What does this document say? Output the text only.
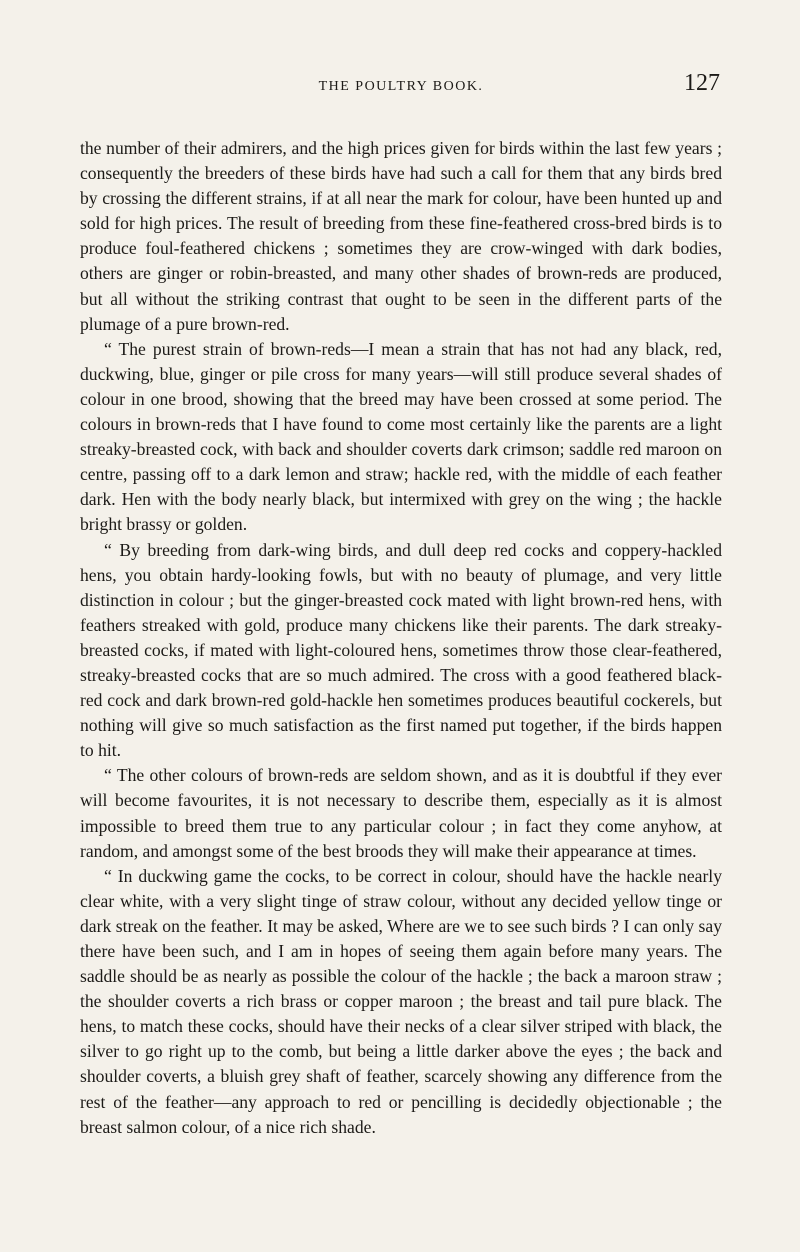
THE POULTRY BOOK.	127

the number of their admirers, and the high prices given for birds within the last few years ; consequently the breeders of these birds have had such a call for them that any birds bred by crossing the different strains, if at all near the mark for colour, have been hunted up and sold for high prices. The result of breeding from these fine-feathered cross-bred birds is to produce foul-feathered chickens ; sometimes they are crow-winged with dark bodies, others are ginger or robin-breasted, and many other shades of brown-reds are produced, but all without the striking contrast that ought to be seen in the different parts of the plumage of a pure brown-red.

“ The purest strain of brown-reds—I mean a strain that has not had any black, red, duckwing, blue, ginger or pile cross for many years—will still produce several shades of colour in one brood, showing that the breed may have been crossed at some period. The colours in brown-reds that I have found to come most certainly like the parents are a light streaky-breasted cock, with back and shoulder coverts dark crimson; saddle red maroon on centre, passing off to a dark lemon and straw; hackle red, with the middle of each feather dark. Hen with the body nearly black, but intermixed with grey on the wing ; the hackle bright brassy or golden.

“ By breeding from dark-wing birds, and dull deep red cocks and coppery-hackled hens, you obtain hardy-looking fowls, but with no beauty of plumage, and very little distinction in colour ; but the ginger-breasted cock mated with light brown-red hens, with feathers streaked with gold, produce many chickens like their parents. The dark streaky-breasted cocks, if mated with light-coloured hens, sometimes throw those clear-feathered, streaky-breasted cocks that are so much admired. The cross with a good feathered black-red cock and dark brown-red gold-hackle hen sometimes produces beautiful cockerels, but nothing will give so much satisfaction as the first named put together, if the birds happen to hit.

“ The other colours of brown-reds are seldom shown, and as it is doubtful if they ever will become favourites, it is not necessary to describe them, especially as it is almost impossible to breed them true to any particular colour ; in fact they come anyhow, at random, and amongst some of the best broods they will make their appearance at times.

“ In duckwing game the cocks, to be correct in colour, should have the hackle nearly clear white, with a very slight tinge of straw colour, without any decided yellow tinge or dark streak on the feather. It may be asked, Where are we to see such birds ? I can only say there have been such, and I am in hopes of seeing them again before many years. The saddle should be as nearly as possible the colour of the hackle ; the back a maroon straw ; the shoulder coverts a rich brass or copper maroon ; the breast and tail pure black. The hens, to match these cocks, should have their necks of a clear silver striped with black, the silver to go right up to the comb, but being a little darker above the eyes ; the back and shoulder coverts, a bluish grey shaft of feather, scarcely showing any difference from the rest of the feather—any approach to red or pencilling is decidedly objectionable ; the breast salmon colour, of a nice rich shade.
